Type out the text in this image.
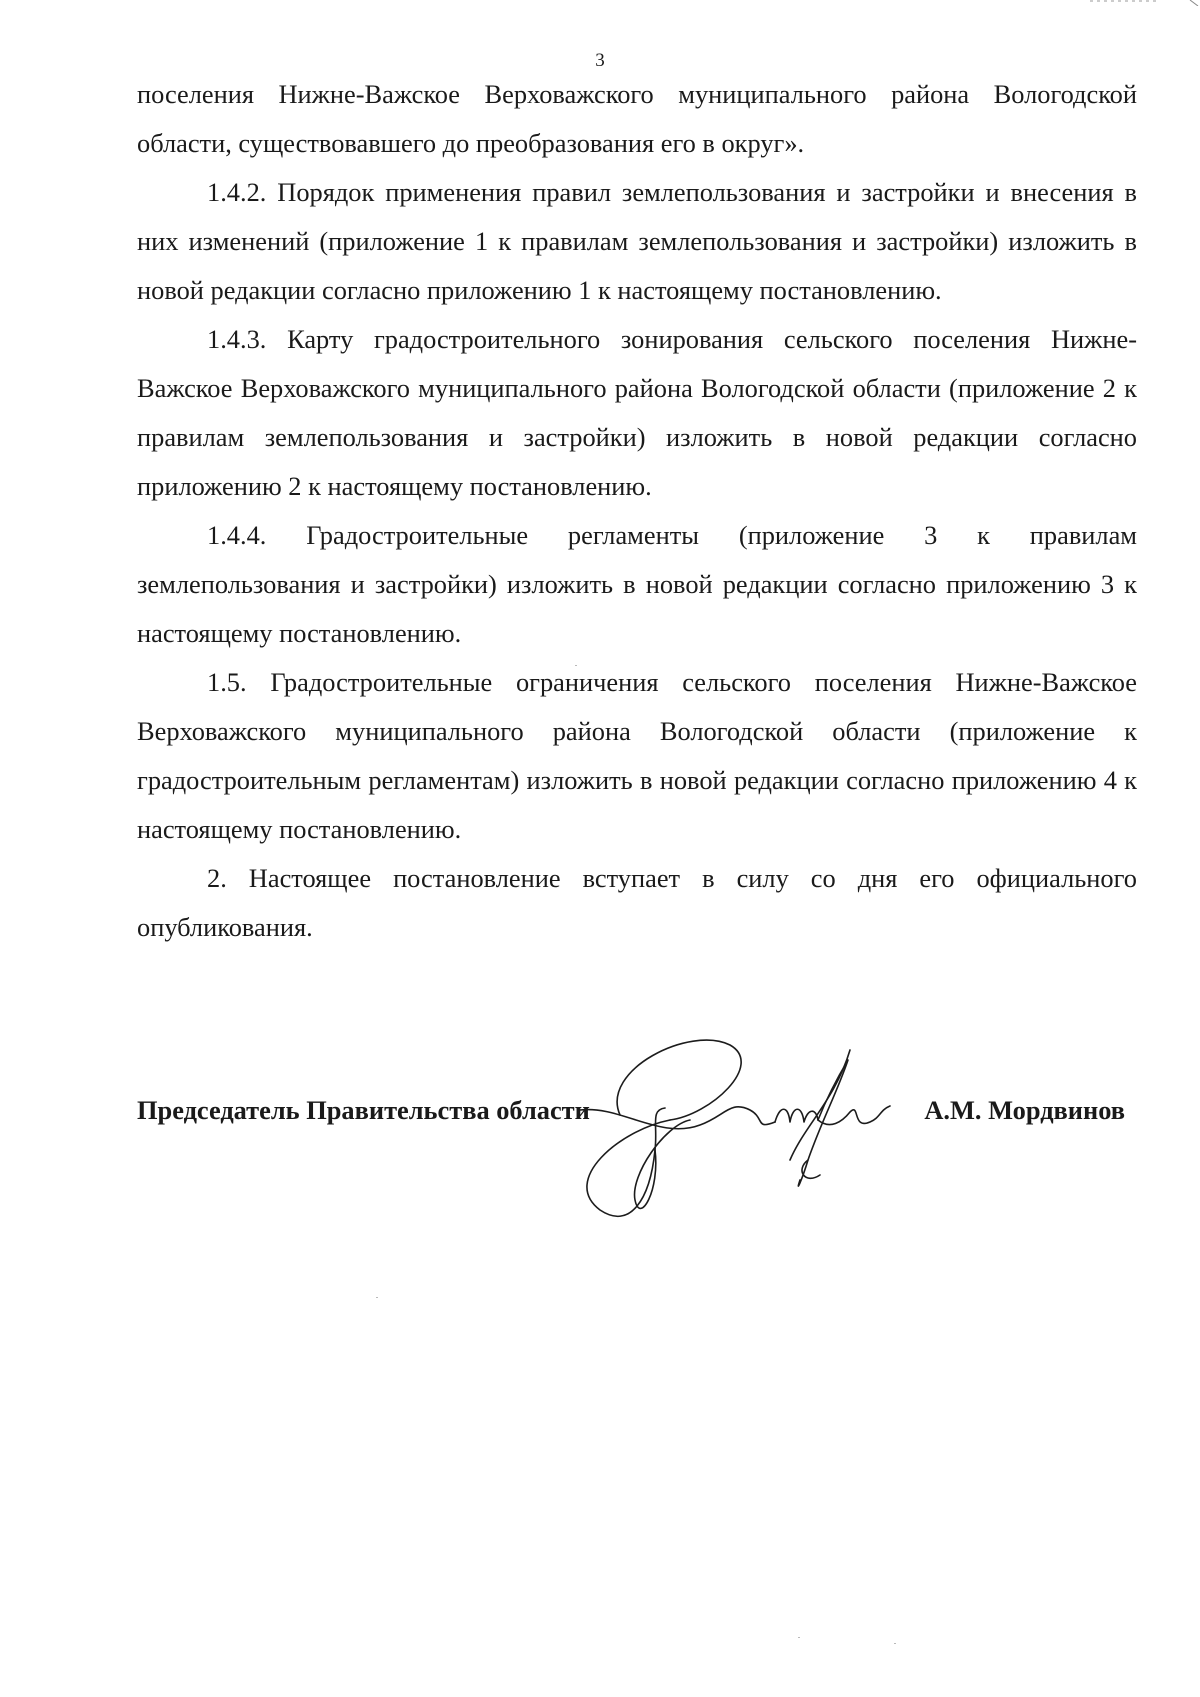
3

поселения Нижне-Важское Верховажского муниципального района Вологодской области, существовавшего до преобразования его в округ».

1.4.2. Порядок применения правил землепользования и застройки и внесения в них изменений (приложение 1 к правилам землепользования и застройки) изложить в новой редакции согласно приложению 1 к настоящему постановлению.

1.4.3. Карту градостроительного зонирования сельского поселения Нижне-Важское Верховажского муниципального района Вологодской области (приложение 2 к правилам землепользования и застройки) изложить в новой редакции согласно приложению 2 к настоящему постановлению.

1.4.4. Градостроительные регламенты (приложение 3 к правилам землепользования и застройки) изложить в новой редакции согласно приложению 3 к настоящему постановлению.

1.5. Градостроительные ограничения сельского поселения Нижне-Важское Верховажского муниципального района Вологодской области (приложение к градостроительным регламентам) изложить в новой редакции согласно приложению 4 к настоящему постановлению.

2. Настоящее постановление вступает в силу со дня его официального опубликования.

Председатель Правительства области	А.М. Мордвинов
